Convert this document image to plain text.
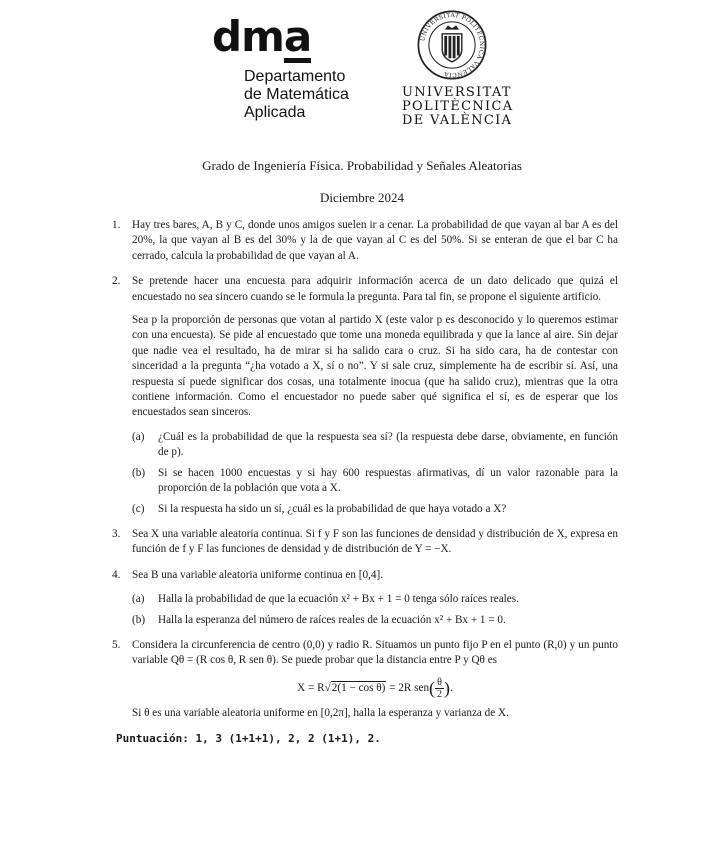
dma
Departamento
de Matemática
Aplicada
UNIVERSITAT POLITÈCNICA VALÈNCIA
UNIVERSITAT
POLITÈCNICA
DE VALÈNCIA
Grado de Ingeniería Física. Probabilidad y Señales Aleatorias
Diciembre 2024
1. Hay tres bares, A, B y C, donde unos amigos suelen ir a cenar. La probabilidad de que vayan al bar A es del 20%, la que vayan al B es del 30% y la de que vayan al C es del 50%. Si se enteran de que el bar C ha cerrado, calcula la probabilidad de que vayan al A.

2. Se pretende hacer una encuesta para adquirir información acerca de un dato delicado que quizá el encuestado no sea sincero cuando se le formula la pregunta. Para tal fin, se propone el siguiente artificio.

Sea p la proporción de personas que votan al partido X (este valor p es desconocido y lo queremos estimar con una encuesta). Se pide al encuestado que tome una moneda equilibrada y que la lance al aire. Sin dejar que nadie vea el resultado, ha de mirar si ha salido cara o cruz. Si ha sido cara, ha de contestar con sinceridad a la pregunta “¿ha votado a X, sí o no”. Y si sale cruz, simplemente ha de escribir sí. Así, una respuesta sí puede significar dos cosas, una totalmente inocua (que ha salido cruz), mientras que la otra contiene información. Como el encuestador no puede saber qué significa el sí, es de esperar que los encuestados sean sinceros.

(a) ¿Cuál es la probabilidad de que la respuesta sea sí? (la respuesta debe darse, obviamente, en función de p).
(b) Si se hacen 1000 encuestas y si hay 600 respuestas afirmativas, dí un valor razonable para la proporción de la población que vota a X.
(c) Si la respuesta ha sido un sí, ¿cuál es la probabilidad de que haya votado a X?
3. Sea X una variable aleatoria continua. Si f y F son las funciones de densidad y distribución de X, expresa en función de f y F las funciones de densidad y de distribución de Y = −X.

4. Sea B una variable aleatoria uniforme continua en [0,4].

(a) Halla la probabilidad de que la ecuación x² + Bx + 1 = 0 tenga sólo raíces reales.
(b) Halla la esperanza del número de raíces reales de la ecuación x² + Bx + 1 = 0.
5. Considera la circunferencia de centro (0,0) y radio R. Situamos un punto fijo P en el punto (R,0) y un punto variable Qθ = (R cos θ, R sen θ). Se puede probar que la distancia entre P y Qθ es

X = R√2(1 − cos θ) = 2R $sen( \frac{\theta}{2}$ ).

Si θ es una variable aleatoria uniforme en [0,2π], halla la esperanza y varianza de X.

Puntuación: 1, 3 (1+1+1), 2, 2 (1+1), 2.
